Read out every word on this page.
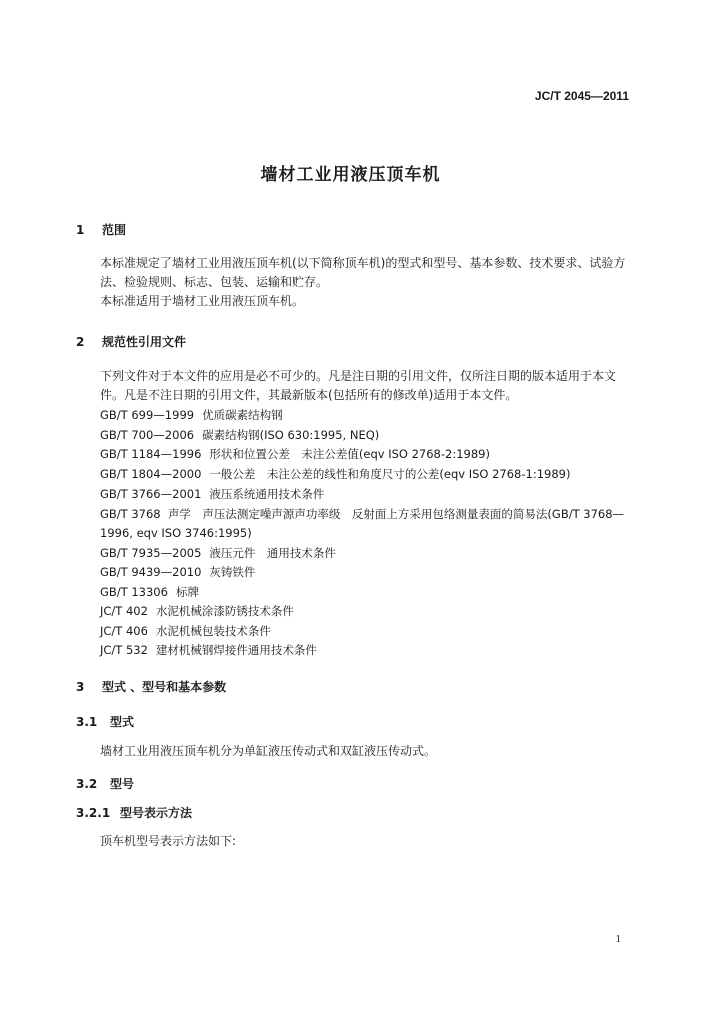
JC/T 2045—2011
墙材工业用液压顶车机
1 范围
本标准规定了墙材工业用液压顶车机(以下简称顶车机)的型式和型号、基本参数、技术要求、试验方法、检验规则、标志、包装、运输和贮存。
本标准适用于墙材工业用液压顶车机。
2 规范性引用文件
下列文件对于本文件的应用是必不可少的。凡是注日期的引用文件，仅所注日期的版本适用于本文件。凡是不注日期的引用文件，其最新版本(包括所有的修改单)适用于本文件。
GB/T 699—1999 优质碳素结构钢
GB/T 700—2006 碳素结构钢(ISO 630:1995, NEQ)
GB/T 1184—1996 形状和位置公差　未注公差值(eqv ISO 2768-2:1989)
GB/T 1804—2000 一般公差　未注公差的线性和角度尺寸的公差(eqv ISO 2768-1:1989)
GB/T 3766—2001 液压系统通用技术条件
GB/T 3768 声学　声压法测定噪声源声功率级　反射面上方采用包络测量表面的简易法(GB/T 3768—1996, eqv ISO 3746:1995)
GB/T 7935—2005 液压元件　通用技术条件
GB/T 9439—2010 灰铸铁件
GB/T 13306 标牌
JC/T 402 水泥机械涂漆防锈技术条件
JC/T 406 水泥机械包装技术条件
JC/T 532 建材机械钢焊接件通用技术条件
3 型式 、型号和基本参数
3.1 型式
墙材工业用液压顶车机分为单缸液压传动式和双缸液压传动式。
3.2 型号
3.2.1 型号表示方法
顶车机型号表示方法如下:
1
